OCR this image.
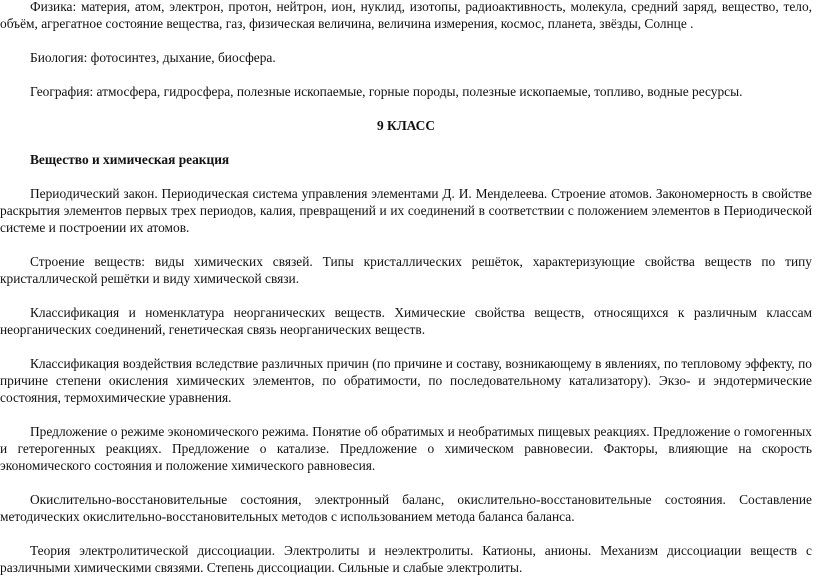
Физика: материя, атом, электрон, протон, нейтрон, ион, нуклид, изотопы, радиоактивность, молекула, средний заряд, вещество, тело, объём, агрегатное состояние вещества, газ, физическая величина, величина измерения, космос, планета, звёзды, Солнце .

Биология: фотосинтез, дыхание, биосфера.

География: атмосфера, гидросфера, полезные ископаемые, горные породы, полезные ископаемые, топливо, водные ресурсы.

9 КЛАСС

Вещество и химическая реакция

Периодический закон. Периодическая система управления элементами Д. И. Менделеева. Строение атомов. Закономерность в свойстве раскрытия элементов первых трех периодов, калия, превращений и их соединений в соответствии с положением элементов в Периодической системе и построении их атомов.

Строение веществ: виды химических связей. Типы кристаллических решёток, характеризующие свойства веществ по типу кристаллической решётки и виду химической связи.

Классификация и номенклатура неорганических веществ. Химические свойства веществ, относящихся к различным классам неорганических соединений, генетическая связь неорганических веществ.

Классификация воздействия вследствие различных причин (по причине и составу, возникающему в явлениях, по тепловому эффекту, по причине степени окисления химических элементов, по обратимости, по последовательному катализатору). Экзо- и эндотермические состояния, термохимические уравнения.

Предложение о режиме экономического режима. Понятие об обратимых и необратимых пищевых реакциях. Предложение о гомогенных и гетерогенных реакциях. Предложение о катализе. Предложение о химическом равновесии. Факторы, влияющие на скорость экономического состояния и положение химического равновесия.

Окислительно-восстановительные состояния, электронный баланс, окислительно-восстановительные состояния. Составление методических окислительно-восстановительных методов с использованием метода баланса баланса.

Теория электролитической диссоциации. Электролиты и неэлектролиты. Катионы, анионы. Механизм диссоциации веществ с различными химическими связями. Степень диссоциации. Сильные и слабые электролиты.
